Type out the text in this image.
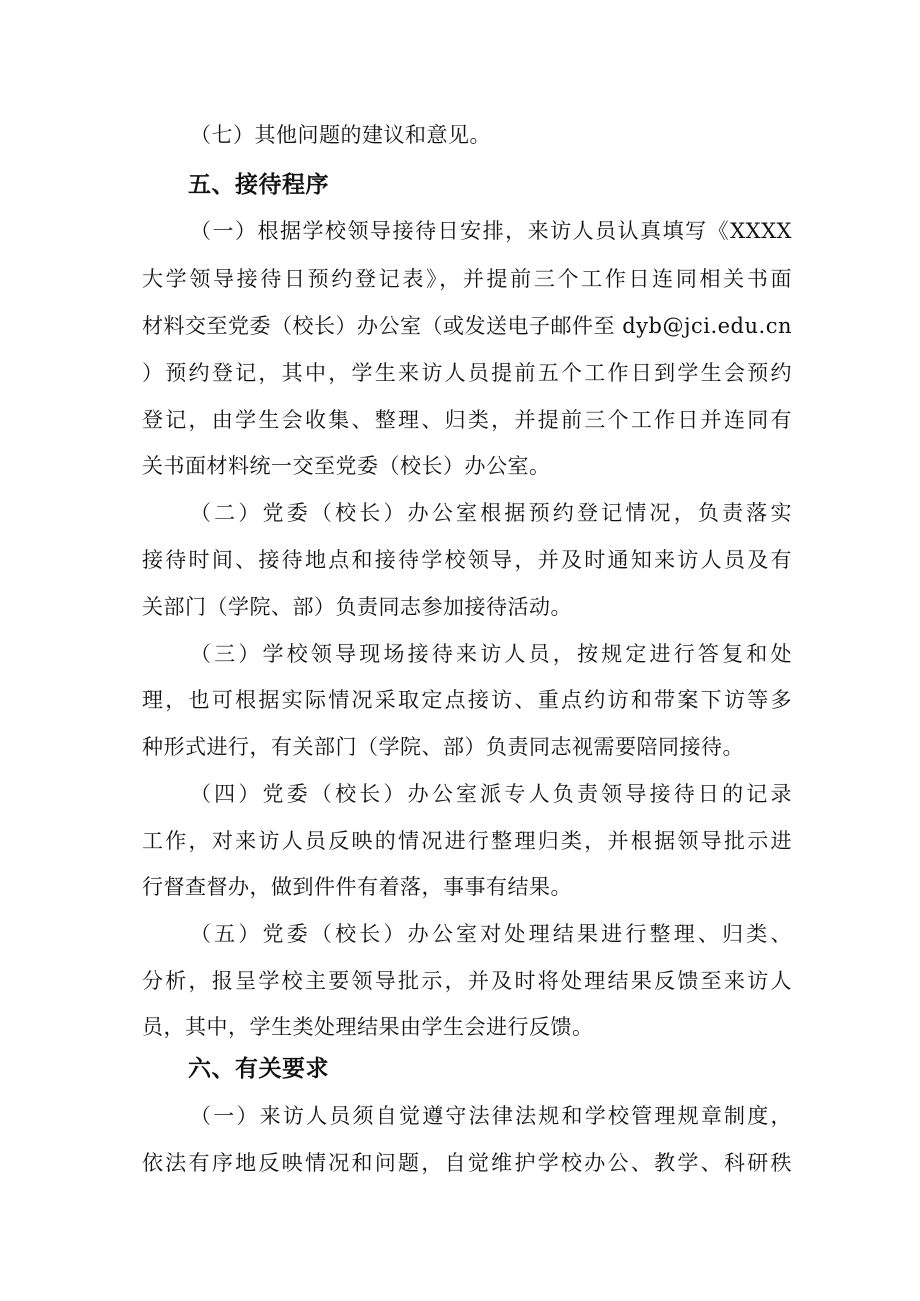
（七）其他问题的建议和意见。
五、接待程序
（一）根据学校领导接待日安排，来访人员认真填写《XXXX
大学领导接待日预约登记表》，并提前三个工作日连同相关书面
材料交至党委（校长）办公室（或发送电子邮件至 dyb@jci.edu.cn
）预约登记，其中，学生来访人员提前五个工作日到学生会预约
登记，由学生会收集、整理、归类，并提前三个工作日并连同有
关书面材料统一交至党委（校长）办公室。
（二）党委（校长）办公室根据预约登记情况，负责落实
接待时间、接待地点和接待学校领导，并及时通知来访人员及有
关部门（学院、部）负责同志参加接待活动。
（三）学校领导现场接待来访人员，按规定进行答复和处
理，也可根据实际情况采取定点接访、重点约访和带案下访等多
种形式进行，有关部门（学院、部）负责同志视需要陪同接待。
（四）党委（校长）办公室派专人负责领导接待日的记录
工作，对来访人员反映的情况进行整理归类，并根据领导批示进
行督查督办，做到件件有着落，事事有结果。
（五）党委（校长）办公室对处理结果进行整理、归类、
分析，报呈学校主要领导批示，并及时将处理结果反馈至来访人
员，其中，学生类处理结果由学生会进行反馈。
六、有关要求
（一）来访人员须自觉遵守法律法规和学校管理规章制度，
依法有序地反映情况和问题，自觉维护学校办公、教学、科研秩
